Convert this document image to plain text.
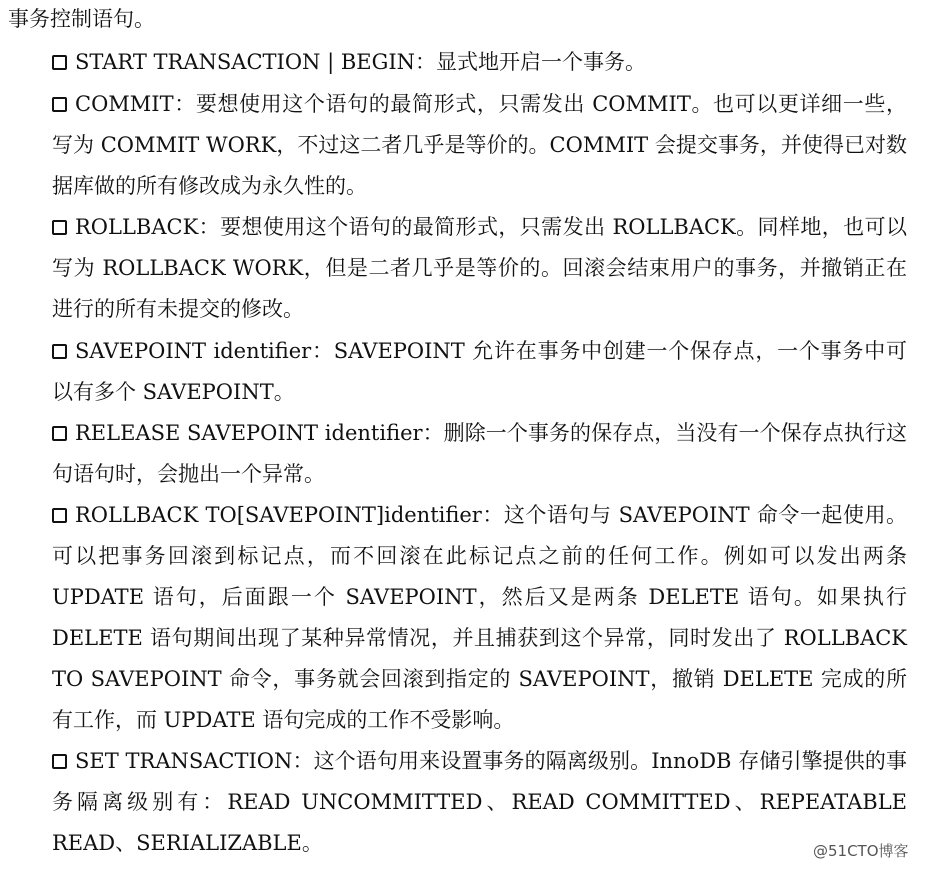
事务控制语句。
START TRANSACTION | BEGIN：显式地开启一个事务。
COMMIT：要想使用这个语句的最简形式，只需发出 COMMIT。也可以更详细一些，写为 COMMIT WORK，不过这二者几乎是等价的。COMMIT 会提交事务，并使得已对数据库做的所有修改成为永久性的。
ROLLBACK：要想使用这个语句的最简形式，只需发出 ROLLBACK。同样地，也可以写为 ROLLBACK WORK，但是二者几乎是等价的。回滚会结束用户的事务，并撤销正在进行的所有未提交的修改。
SAVEPOINT identifier：SAVEPOINT 允许在事务中创建一个保存点，一个事务中可以有多个 SAVEPOINT。
RELEASE SAVEPOINT identifier：删除一个事务的保存点，当没有一个保存点执行这句语句时，会抛出一个异常。
ROLLBACK TO[SAVEPOINT]identifier：这个语句与 SAVEPOINT 命令一起使用。可以把事务回滚到标记点，而不回滚在此标记点之前的任何工作。例如可以发出两条 UPDATE 语句，后面跟一个 SAVEPOINT，然后又是两条 DELETE 语句。如果执行 DELETE 语句期间出现了某种异常情况，并且捕获到这个异常，同时发出了 ROLLBACK TO SAVEPOINT 命令，事务就会回滚到指定的 SAVEPOINT，撤销 DELETE 完成的所有工作，而 UPDATE 语句完成的工作不受影响。
SET TRANSACTION：这个语句用来设置事务的隔离级别。InnoDB 存储引擎提供的事务隔离级别有：READ UNCOMMITTED、READ COMMITTED、REPEATABLE READ、SERIALIZABLE。	@51CTO博客
